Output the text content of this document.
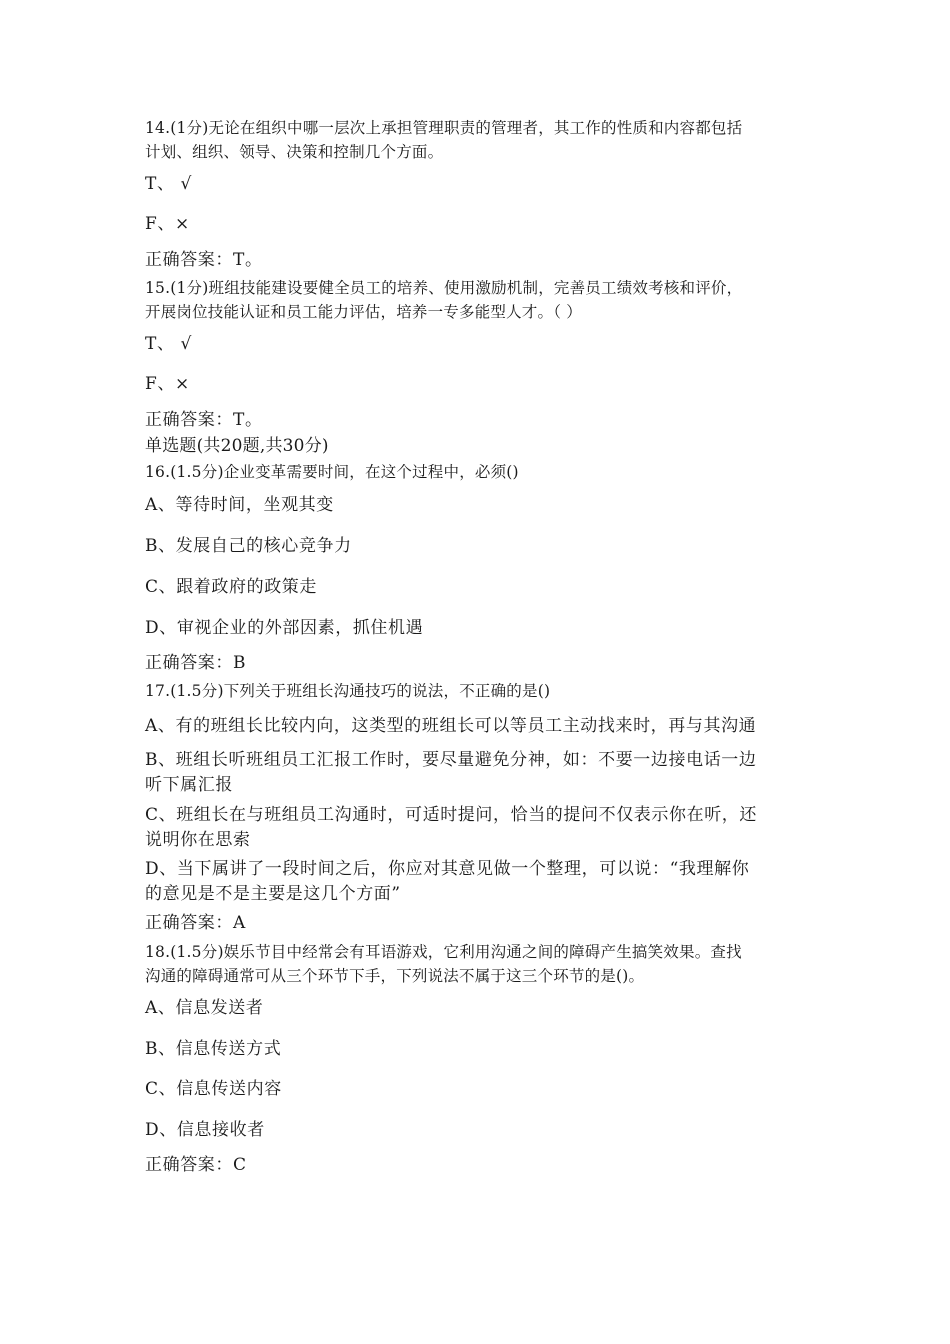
14.(1分)无论在组织中哪一层次上承担管理职责的管理者，其工作的性质和内容都包括
计划、组织、领导、决策和控制几个方面。
T、 √
F、×
正确答案：T。
15.(1分)班组技能建设要健全员工的培养、使用激励机制，完善员工绩效考核和评价，
开展岗位技能认证和员工能力评估，培养一专多能型人才。（ ）
T、 √
F、×
正确答案：T。
单选题(共20题,共30分)
16.(1.5分)企业变革需要时间，在这个过程中，必须()
A、等待时间，坐观其变
B、发展自己的核心竞争力
C、跟着政府的政策走
D、审视企业的外部因素，抓住机遇
正确答案：B
17.(1.5分)下列关于班组长沟通技巧的说法，不正确的是()
A、有的班组长比较内向，这类型的班组长可以等员工主动找来时，再与其沟通
B、班组长听班组员工汇报工作时，要尽量避免分神，如：不要一边接电话一边
听下属汇报
C、班组长在与班组员工沟通时，可适时提问，恰当的提问不仅表示你在听，还
说明你在思索
D、当下属讲了一段时间之后，你应对其意见做一个整理，可以说：“我理解你
的意见是不是主要是这几个方面”
正确答案：A
18.(1.5分)娱乐节目中经常会有耳语游戏，它利用沟通之间的障碍产生搞笑效果。查找
沟通的障碍通常可从三个环节下手，下列说法不属于这三个环节的是()。
A、信息发送者
B、信息传送方式
C、信息传送内容
D、信息接收者
正确答案：C
